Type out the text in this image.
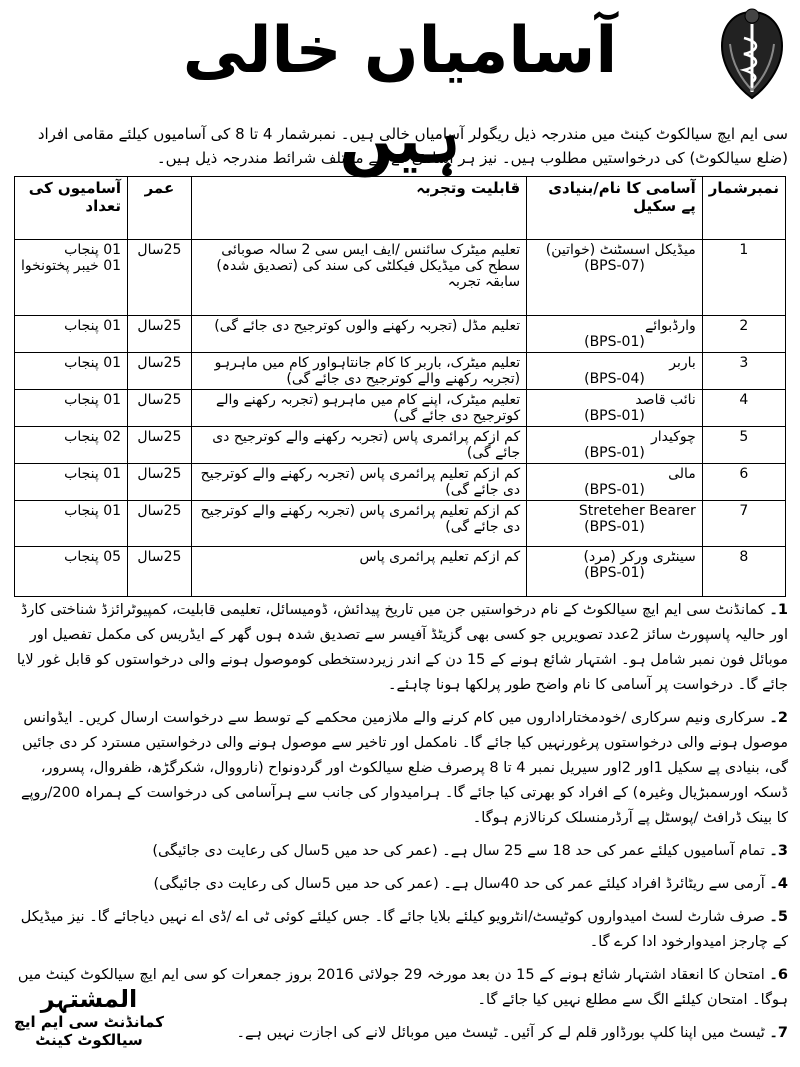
آسامیاں خالی ہیں
سی ایم ایچ سیالکوٹ کینٹ میں مندرجہ ذیل ریگولر آسامیاں خالی ہیں۔ نمبرشمار 4 تا 8 کی آسامیوں کیلئے مقامی افراد (ضلع سیالکوٹ) کی درخواستیں مطلوب ہیں۔ نیز ہر آسامی کے لئے مختلف شرائط مندرجہ ذیل ہیں۔
نمبرشمار	آسامی کا نام/بنیادی پے سکیل	قابلیت وتجربہ	عمر	آسامیوں کی تعداد

1	میڈیکل اسسٹنٹ (خواتین)
(BPS-07)	تعلیم میٹرک سائنس /ایف ایس سی 2 سالہ صوبائی سطح کی میڈیکل فیکلٹی کی سند کی (تصدیق شدہ) سابقہ تجربہ	25سال	01 پنجاب
01 خیبر پختونخوا

2	وارڈبوائے
(BPS-01)	تعلیم مڈل (تجربہ رکھنے والوں کوترجیح دی جائے گی)	25سال	01 پنجاب

3	باربر
(BPS-04)	تعلیم میٹرک، باربر کا کام جانتاہواور کام میں ماہرہو (تجربہ رکھنے والے کوترجیح دی جائے گی)	25سال	01 پنجاب

4	نائب قاصد
(BPS-01)	تعلیم میٹرک، اپنے کام میں ماہرہو (تجربہ رکھنے والے کوترجیح دی جائے گی)	25سال	01 پنجاب

5	چوکیدار
(BPS-01)	کم ازکم پرائمری پاس (تجربہ رکھنے والے کوترجیح دی جائے گی)	25سال	02 پنجاب

6	مالی
(BPS-01)	کم ازکم تعلیم پرائمری پاس (تجربہ رکھنے والے کوترجیح دی جائے گی)	25سال	01 پنجاب

7	Streteher Bearer
(BPS-01)	کم ازکم تعلیم پرائمری پاس (تجربہ رکھنے والے کوترجیح دی جائے گی)	25سال	01 پنجاب

8	سینٹری ورکر (مرد)
(BPS-01)	کم ازکم تعلیم پرائمری پاس	25سال	05 پنجاب
1۔ کمانڈنٹ سی ایم ایچ سیالکوٹ کے نام درخواستیں جن میں تاریخ پیدائش، ڈومیسائل، تعلیمی قابلیت، کمپیوٹرائزڈ شناختی کارڈ اور حالیہ پاسپورٹ سائز 2عدد تصویریں جو کسی بھی گزیٹڈ آفیسر سے تصدیق شدہ ہوں گھر کے ایڈریس کی مکمل تفصیل اور موبائل فون نمبر شامل ہو۔ اشتہار شائع ہونے کے 15 دن کے اندر زیردستخطی کوموصول ہونے والی درخواستوں کو قابل غور لایا جائے گا۔ درخواست پر آسامی کا نام واضح طور پرلکھا ہونا چاہئے۔
2۔ سرکاری ونیم سرکاری /خودمختاراداروں میں کام کرنے والے ملازمین محکمے کے توسط سے درخواست ارسال کریں۔ ایڈوانس موصول ہونے والی درخواستوں پرغورنہیں کیا جائے گا۔ نامکمل اور تاخیر سے موصول ہونے والی درخواستیں مسترد کر دی جائیں گی، بنیادی پے سکیل 1اور 2اور سیریل نمبر 4 تا 8 پرصرف ضلع سیالکوٹ اور گردونواح (نارووال، شکرگڑھ، ظفروال، پسرور، ڈسکہ اورسمبڑیال وغیرہ) کے افراد کو بھرتی کیا جائے گا۔ ہرامیدوار کی جانب سے ہرآسامی کی درخواست کے ہمراہ 200/روپے کا بینک ڈرافٹ /پوسٹل پے آرڈرمنسلک کرنالازم ہوگا۔
3۔ تمام آسامیوں کیلئے عمر کی حد 18 سے 25 سال ہے۔ (عمر کی حد میں 5سال کی رعایت دی جائیگی)
4۔ آرمی سے ریٹائرڈ افراد کیلئے عمر کی حد 40سال ہے۔ (عمر کی حد میں 5سال کی رعایت دی جائیگی)
5۔ صرف شارٹ لسٹ امیدواروں کوٹیسٹ/انٹرویو کیلئے بلایا جائے گا۔ جس کیلئے کوئی ٹی اے /ڈی اے نہیں دیاجائے گا۔ نیز میڈیکل کے چارجز امیدوارخود ادا کرے گا۔
6۔ امتحان کا انعقاد اشتہار شائع ہونے کے 15 دن بعد مورخہ 29 جولائی 2016 بروز جمعرات کو سی ایم ایچ سیالکوٹ کینٹ میں ہوگا۔ امتحان کیلئے الگ سے مطلع نہیں کیا جائے گا۔
7۔ ٹیسٹ میں اپنا کلپ بورڈاور قلم لے کر آئیں۔ ٹیسٹ میں موبائل لانے کی اجازت نہیں ہے۔
المشتہر
کمانڈنٹ سی ایم ایچ سیالکوٹ کینٹ
